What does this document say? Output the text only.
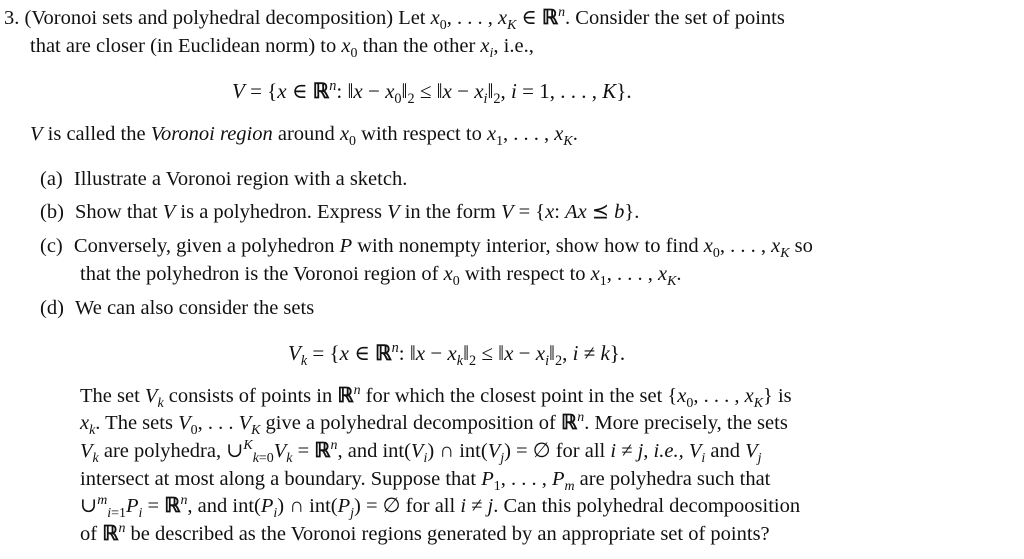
3. (Voronoi sets and polyhedral decomposition) Let $x_0$, . . . , $x_K$ ∈ ℝ$^n$. Consider the set of points
that are closer (in Euclidean norm) to $x_0$ than the other $x_i$, i.e.,
V = {x ∈ ℝ$^n$: ‖x − $x_0‖_2$ ≤ ‖x − $x_i‖_2$, i = 1, . . . , K}.
V is called the Voronoi region around $x_0$ with respect to $x_1$, . . . , $x_K$.
(a) Illustrate a Voronoi region with a sketch.
(b) Show that V is a polyhedron. Express V in the form V = {x: Ax ⪯ b}.
(c) Conversely, given a polyhedron P with nonempty interior, show how to find $x_0$, . . . , $x_K$ so
that the polyhedron is the Voronoi region of $x_0$ with respect to $x_1$, . . . , $x_K$.
(d) We can also consider the sets
$V_k = \{x$ ∈ ℝ$^n$: ‖x − $x_k‖_2$ ≤ ‖x − $x_i‖_2$, i ≠ k}.
The set $V_k$ consists of points in ℝ$^n$ for which the closest point in the set {$x_0$, . . . , $x_K$} is
$x_k$. The sets $V_0$, . . . $V_K$ give a polyhedral decomposition of ℝ$^n$. More precisely, the sets
$V_k$ are polyhedra, $\cup^K_{k=0}V_k$ = ℝ$^n$, and $int(V_i)$ ∩ $int(V_j)$ = ∅ for all i ≠ j, i.e., $V_i$ and $V_j$
intersect at most along a boundary. Suppose that $P_1$, . . . , $P_m$ are polyhedra such that
$\cup^m_{i=1}P_i$ = ℝ$^n$, and $int(P_i)$ ∩ $int(P_j)$ = ∅ for all i ≠ j. Can this polyhedral decompoosition
of ℝ$^n$ be described as the Voronoi regions generated by an appropriate set of points?
